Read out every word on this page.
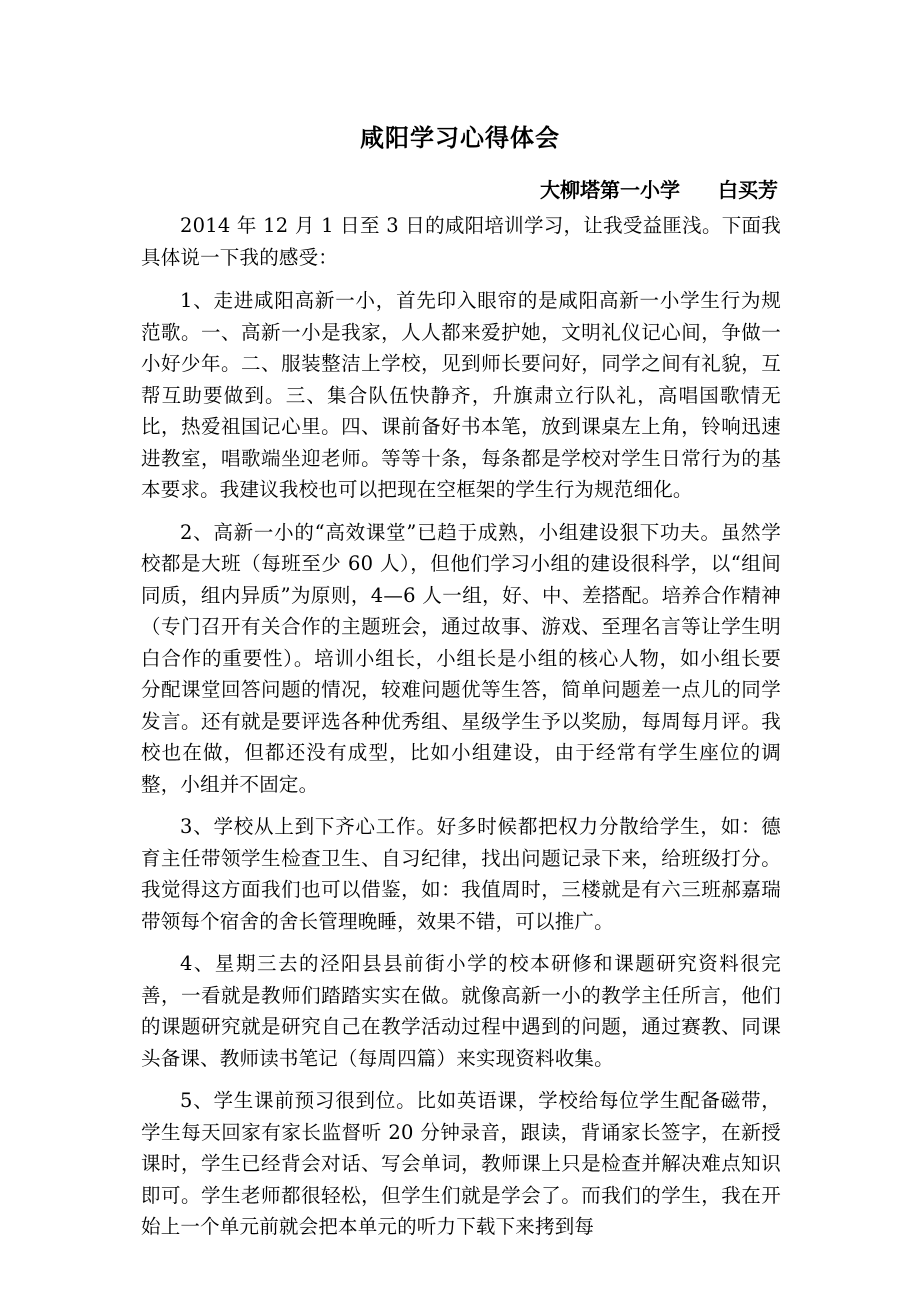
咸阳学习心得体会

大柳塔第一小学 白买芳

2014 年 12 月 1 日至 3 日的咸阳培训学习，让我受益匪浅。下面我具体说一下我的感受：

1、走进咸阳高新一小，首先印入眼帘的是咸阳高新一小学生行为规范歌。一、高新一小是我家，人人都来爱护她，文明礼仪记心间，争做一小好少年。二、服装整洁上学校，见到师长要问好，同学之间有礼貌，互帮互助要做到。三、集合队伍快静齐，升旗肃立行队礼，高唱国歌情无比，热爱祖国记心里。四、课前备好书本笔，放到课桌左上角，铃响迅速进教室，唱歌端坐迎老师。等等十条，每条都是学校对学生日常行为的基本要求。我建议我校也可以把现在空框架的学生行为规范细化。

2、高新一小的“高效课堂”已趋于成熟，小组建设狠下功夫。虽然学校都是大班（每班至少 60 人），但他们学习小组的建设很科学，以“组间同质，组内异质”为原则，4—6 人一组，好、中、差搭配。培养合作精神（专门召开有关合作的主题班会，通过故事、游戏、至理名言等让学生明白合作的重要性）。培训小组长，小组长是小组的核心人物，如小组长要分配课堂回答问题的情况，较难问题优等生答，简单问题差一点儿的同学发言。还有就是要评选各种优秀组、星级学生予以奖励，每周每月评。我校也在做，但都还没有成型，比如小组建设，由于经常有学生座位的调整，小组并不固定。

3、学校从上到下齐心工作。好多时候都把权力分散给学生，如：德育主任带领学生检查卫生、自习纪律，找出问题记录下来，给班级打分。我觉得这方面我们也可以借鉴，如：我值周时，三楼就是有六三班郝嘉瑞带领每个宿舍的舍长管理晚睡，效果不错，可以推广。

4、星期三去的泾阳县县前街小学的校本研修和课题研究资料很完善，一看就是教师们踏踏实实在做。就像高新一小的教学主任所言，他们的课题研究就是研究自己在教学活动过程中遇到的问题，通过赛教、同课头备课、教师读书笔记（每周四篇）来实现资料收集。

5、学生课前预习很到位。比如英语课，学校给每位学生配备磁带，学生每天回家有家长监督听 20 分钟录音，跟读，背诵家长签字，在新授课时，学生已经背会对话、写会单词，教师课上只是检查并解决难点知识即可。学生老师都很轻松，但学生们就是学会了。而我们的学生，我在开始上一个单元前就会把本单元的听力下载下来拷到每
